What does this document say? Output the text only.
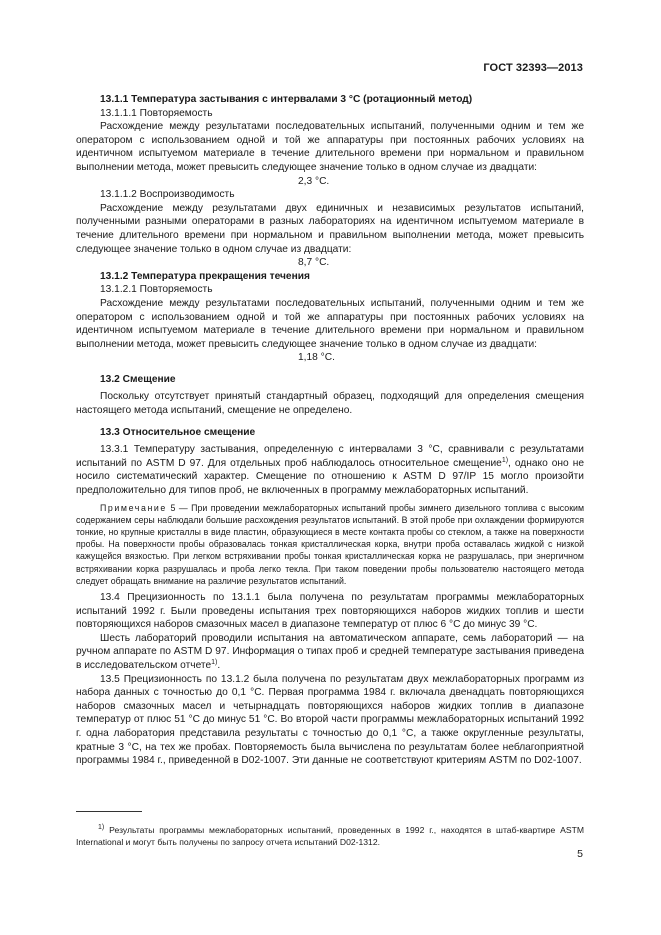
ГОСТ 32393—2013

13.1.1 Температура застывания с интервалами 3 °С (ротационный метод)

13.1.1.1 Повторяемость

Расхождение между результатами последовательных испытаний, полученными одним и тем же оператором с использованием одной и той же аппаратуры при постоянных рабочих условиях на идентичном испытуемом материале в течение длительного времени при нормальном и правильном выполнении метода, может превысить следующее значение только в одном случае из двадцати:

2,3 °С.

13.1.1.2 Воспроизводимость

Расхождение между результатами двух единичных и независимых результатов испытаний, полученными разными операторами в разных лабораториях на идентичном испытуемом материале в течение длительного времени при нормальном и правильном выполнении метода, может превысить следующее значение только в одном случае из двадцати:

8,7 °С.

13.1.2 Температура прекращения течения

13.1.2.1 Повторяемость

Расхождение между результатами последовательных испытаний, полученными одним и тем же оператором с использованием одной и той же аппаратуры при постоянных рабочих условиях на идентичном испытуемом материале в течение длительного времени при нормальном и правильном выполнении метода, может превысить следующее значение только в одном случае из двадцати:

1,18 °С.

13.2 Смещение

Поскольку отсутствует принятый стандартный образец, подходящий для определения смещения настоящего метода испытаний, смещение не определено.

13.3 Относительное смещение

13.3.1 Температуру застывания, определенную с интервалами 3 °С, сравнивали с результатами испытаний по ASTM D 97. Для отдельных проб наблюдалось относительное смещение$^{1)}$, однако оно не носило систематический характер. Смещение по отношению к ASTM D 97/IP 15 могло произойти предположительно для типов проб, не включенных в программу межлабораторных испытаний.

Примечание 5 — При проведении межлабораторных испытаний пробы зимнего дизельного топлива с высоким содержанием серы наблюдали большие расхождения результатов испытаний. В этой пробе при охлаждении формируются тонкие, но крупные кристаллы в виде пластин, образующиеся в месте контакта пробы со стеклом, а также на поверхности пробы. На поверхности пробы образовалась тонкая кристаллическая корка, внутри проба оставалась жидкой с низкой кажущейся вязкостью. При легком встряхивании пробы тонкая кристаллическая корка не разрушалась, при энергичном встряхивании корка разрушалась и проба легко текла. При таком поведении пробы пользователю настоящего метода следует обращать внимание на различие результатов испытаний.

13.4 Прецизионность по 13.1.1 была получена по результатам программы межлабораторных испытаний 1992 г. Были проведены испытания трех повторяющихся наборов жидких топлив и шести повторяющихся наборов смазочных масел в диапазоне температур от плюс 6 °С до минус 39 °С.

Шесть лабораторий проводили испытания на автоматическом аппарате, семь лабораторий — на ручном аппарате по ASTM D 97. Информация о типах проб и средней температуре застывания приведена в исследовательском отчете$^{1)}$.

13.5 Прецизионность по 13.1.2 была получена по результатам двух межлабораторных программ из набора данных с точностью до 0,1 °С. Первая программа 1984 г. включала двенадцать повторяющихся наборов смазочных масел и четырнадцать повторяющихся наборов жидких топлив в диапазоне температур от плюс 51 °С до минус 51 °С. Во второй части программы межлабораторных испытаний 1992 г. одна лаборатория представила результаты с точностью до 0,1 °С, а также округленные результаты, кратные 3 °С, на тех же пробах. Повторяемость была вычислена по результатам более неблагоприятной программы 1984 г., приведенной в D02-1007. Эти данные не соответствуют критериям ASTM по D02-1007.

$^{1)}$ Результаты программы межлабораторных испытаний, проведенных в 1992 г., находятся в штаб-квартире ASTM International и могут быть получены по запросу отчета испытаний D02-1312.

5
